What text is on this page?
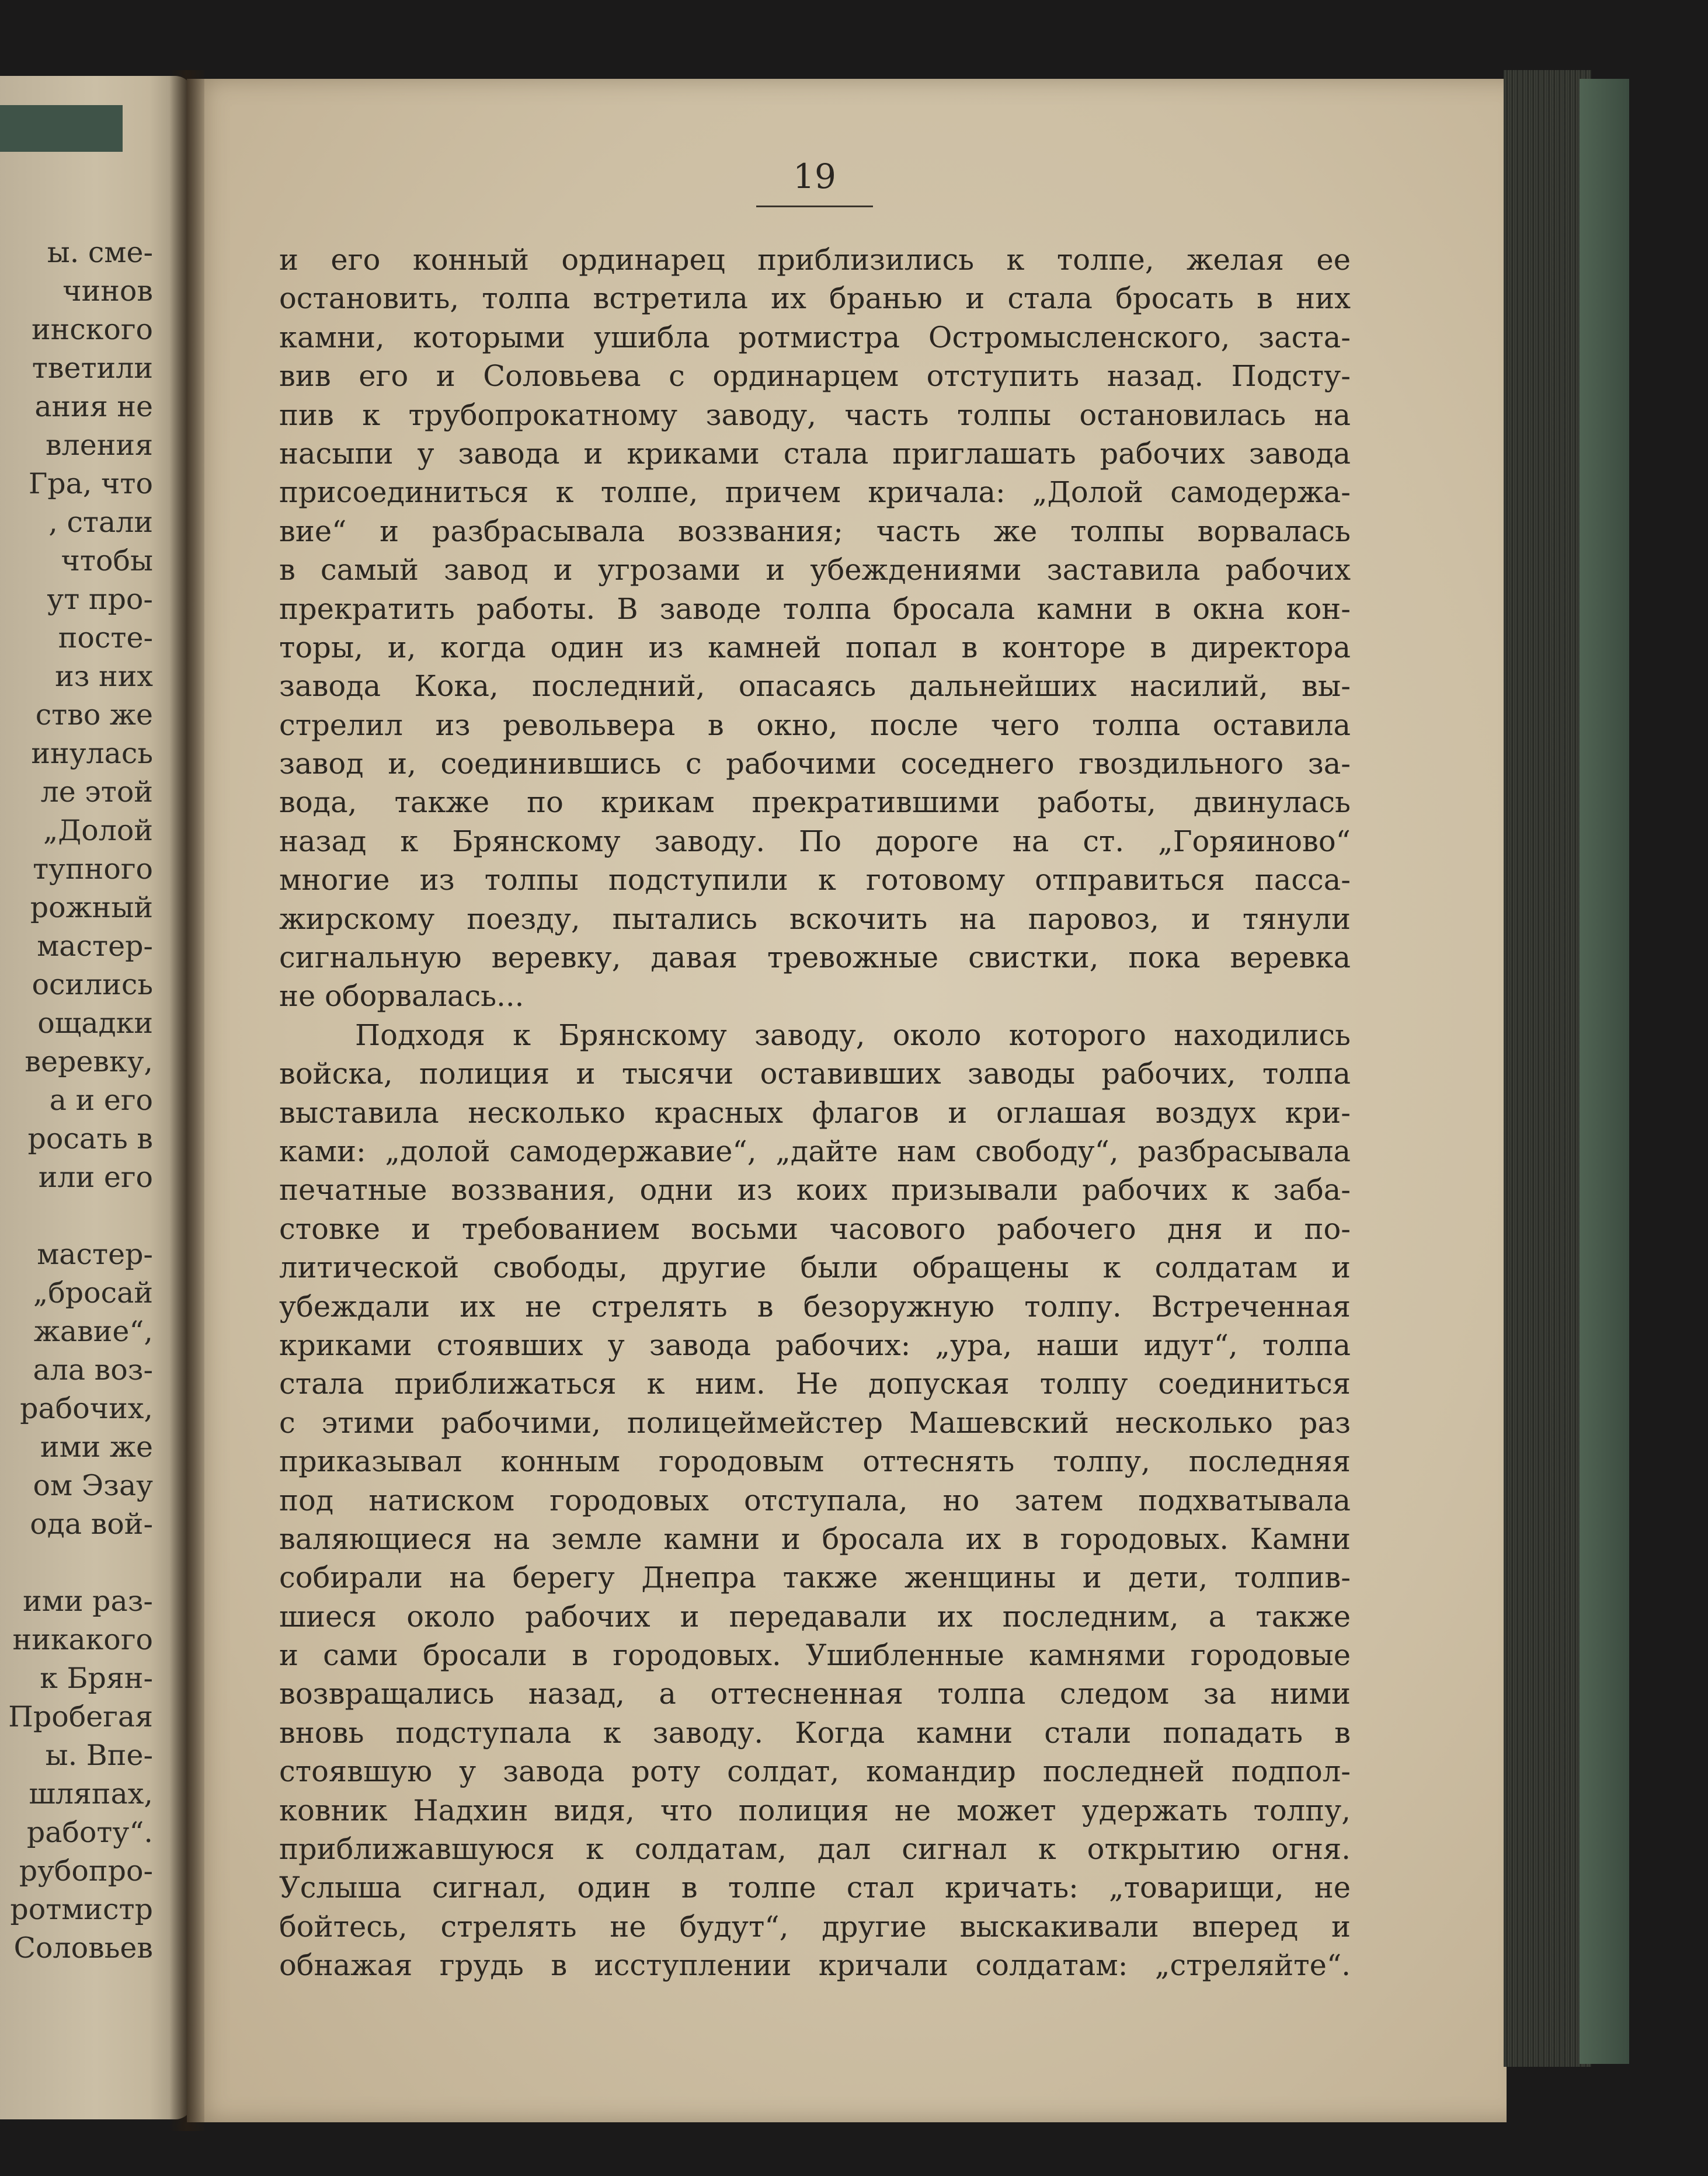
ы. сме-
чинов
инского
тветили
ания не
вления
Гра, что
, стали
чтобы
ут про-
посте-
из них
ство же
инулась
ле этой
„Долой
тупного
рожный
мастер-
осились
ощадки
веревку,
а и его
росать в
или его
мастер-
„бросай
жавие“,
ала воз-
рабочих,
ими же
ом Эзау
ода вой-
ими раз-
никакого
к Брян-
Пробегая
ы. Впе-
шляпах,
работу“.
рубопро-
ротмистр
Соловьев
19
и его конный ординарец приблизились к толпе, желая ее
остановить, толпа встретила их бранью и стала бросать в них
камни, которыми ушибла ротмистра Остромысленского, застa-
вив его и Соловьева с ординарцем отступить назад. Подсту-
пив к трубопрокатному заводу, часть толпы остановилась на
насыпи у завода и криками стала приглашать рабочих завода
присоединиться к толпе, причем кричала: „Долой самодержа-
вие“ и разбрасывала воззвания; часть же толпы ворвалась
в самый завод и угрозами и убеждениями заставила рабочих
прекратить работы. В заводе толпа бросала камни в окна кон-
торы, и, когда один из камней попал в конторе в директора
завода Кока, последний, опасаясь дальнейших насилий, вы-
стрелил из револьвера в окно, после чего толпа оставила
завод и, соединившись с рабочими соседнего гвоздильного за-
вода, также по крикам прекратившими работы, двинулась
назад к Брянскому заводу. По дороге на ст. „Горяиново“
многие из толпы подступили к готовому отправиться пасса-
жирскому поезду, пытались вскочить на паровоз, и тянули
сигнальную веревку, давая тревожные свистки, пока веревка
не оборвалась...
Подходя к Брянскому заводу, около которого находились
войска, полиция и тысячи оставивших заводы рабочих, толпа
выставила несколько красных флагов и оглашая воздух кри-
ками: „долой самодержавие“, „дайте нам свободу“, разбрасывала
печатные воззвания, одни из коих призывали рабочих к заба-
стовке и требованием восьми часового рабочего дня и по-
литической свободы, другие были обращены к солдатам и
убеждали их не стрелять в безоружную толпу. Встреченная
криками стоявших у завода рабочих: „ура, наши идут“, толпа
стала приближаться к ним. Не допуская толпу соединиться
с этими рабочими, полицеймейстер Машевский несколько раз
приказывал конным городовым оттеснять толпу, последняя
под натиском городовых отступала, но затем подхватывала
валяющиеся на земле камни и бросала их в городовых. Камни
собирали на берегу Днепра также женщины и дети, толпив-
шиеся около рабочих и передавали их последним, а также
и сами бросали в городовых. Ушибленные камнями городовые
возвращались назад, а оттесненная толпа следом за ними
вновь подступала к заводу. Когда камни стали попадать в
стоявшую у завода роту солдат, командир последней подпол-
ковник Надхин видя, что полиция не может удержать толпу,
приближавшуюся к солдатам, дал сигнал к открытию огня.
Услыша сигнал, один в толпе стал кричать: „товарищи, не
бойтесь, стрелять не будут“, другие выскакивали вперед и
обнажая грудь в исступлении кричали солдатам: „стреляйте“.
